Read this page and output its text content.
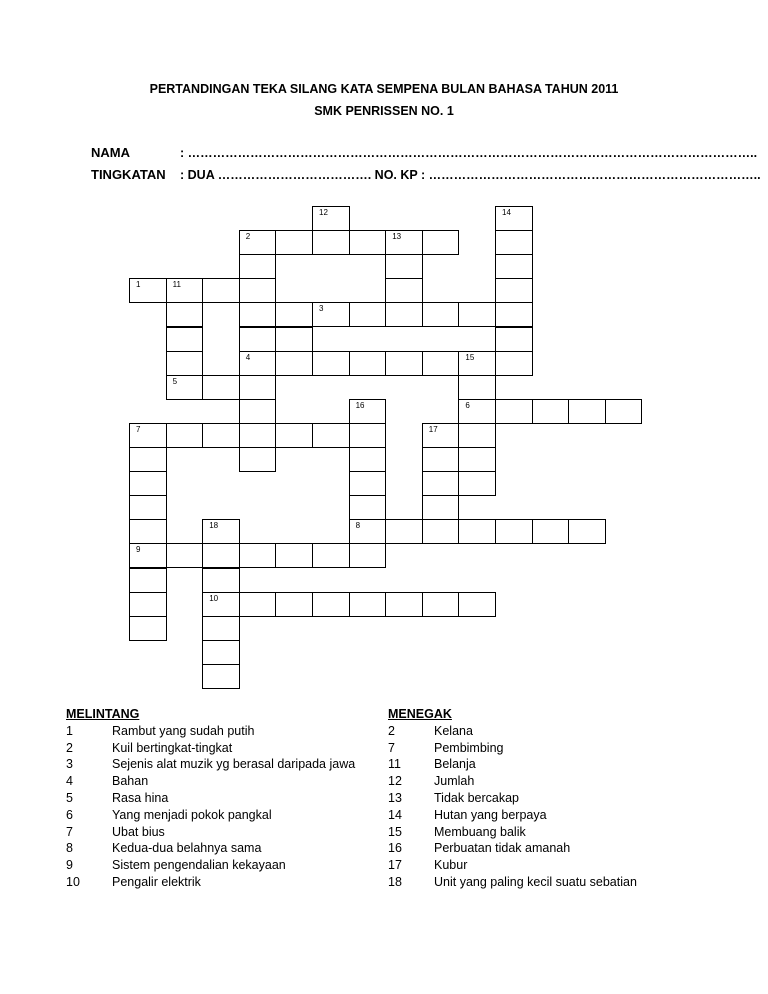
PERTANDINGAN TEKA SILANG KATA SEMPENA BULAN BAHASA TAHUN 2011
SMK PENRISSEN NO. 1
NAMA	: ………………………………………………………………………………………………………………………..
TINGKATAN : DUA ………………………………. NO. KP : ……………………………………………………………………..
12	14
2	13
1	11
3
4	15
5
16	6
7	17
18	8
9
10
MELINTANG
1	Rambut yang sudah putih
2	Kuil bertingkat-tingkat
3	Sejenis alat muzik yg berasal daripada jawa
4	Bahan
5	Rasa hina
6	Yang menjadi pokok pangkal
7	Ubat bius
8	Kedua-dua belahnya sama
9	Sistem pengendalian kekayaan
10	Pengalir elektrik
MENEGAK
2	Kelana
7	Pembimbing
11	Belanja
12	Jumlah
13	Tidak bercakap
14	Hutan yang berpaya
15	Membuang balik
16	Perbuatan tidak amanah
17	Kubur
18	Unit yang paling kecil suatu sebatian
